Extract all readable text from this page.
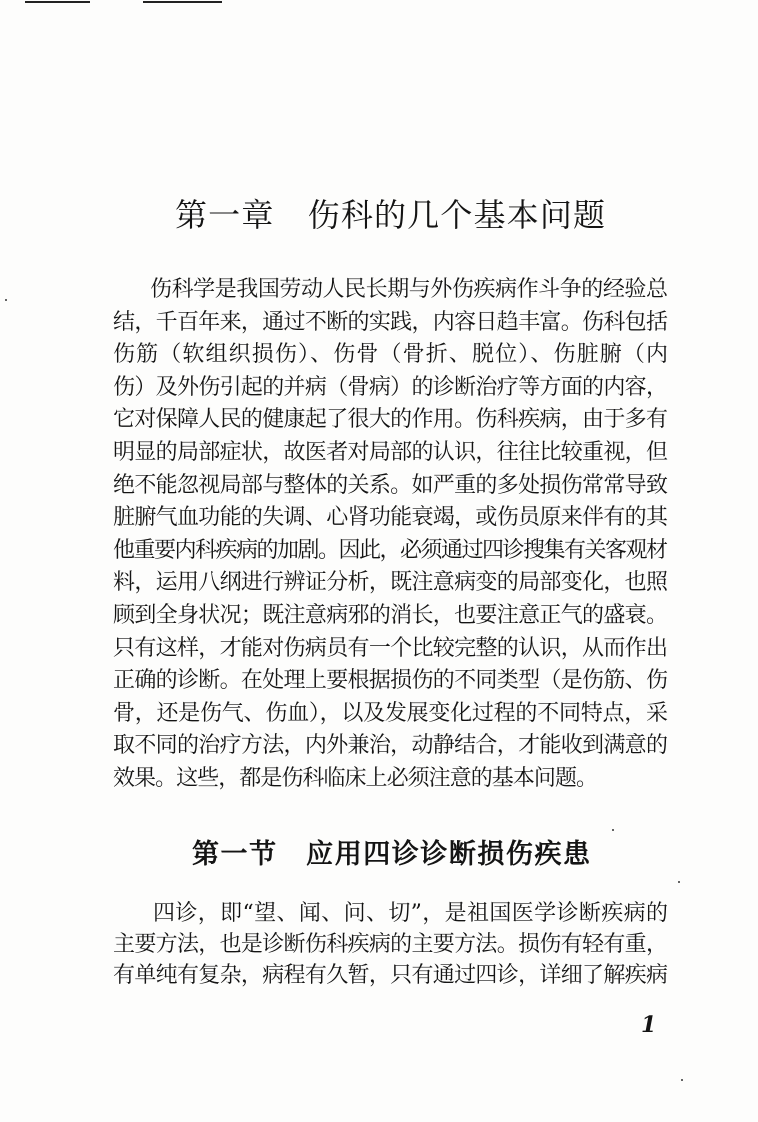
第一章　伤科的几个基本问题
伤科学是我国劳动人民长期与外伤疾病作斗争的经验总
结，千百年来，通过不断的实践，内容日趋丰富。伤科包括
伤筋（软组织损伤）、伤骨（骨折、脱位）、伤脏腑（内
伤）及外伤引起的并病（骨病）的诊断治疗等方面的内容，
它对保障人民的健康起了很大的作用。伤科疾病，由于多有
明显的局部症状，故医者对局部的认识，往往比较重视，但
绝不能忽视局部与整体的关系。如严重的多处损伤常常导致
脏腑气血功能的失调、心肾功能衰竭，或伤员原来伴有的其
他重要内科疾病的加剧。因此，必须通过四诊搜集有关客观材
料，运用八纲进行辨证分析，既注意病变的局部变化，也照
顾到全身状况；既注意病邪的消长，也要注意正气的盛衰。
只有这样，才能对伤病员有一个比较完整的认识，从而作出
正确的诊断。在处理上要根据损伤的不同类型（是伤筋、伤
骨，还是伤气、伤血），以及发展变化过程的不同特点，采
取不同的治疗方法，内外兼治，动静结合，才能收到满意的
效果。这些，都是伤科临床上必须注意的基本问题。
第一节　应用四诊诊断损伤疾患
四诊，即“望、闻、问、切”，是祖国医学诊断疾病的
主要方法，也是诊断伤科疾病的主要方法。损伤有轻有重，
有单纯有复杂，病程有久暂，只有通过四诊，详细了解疾病
1
